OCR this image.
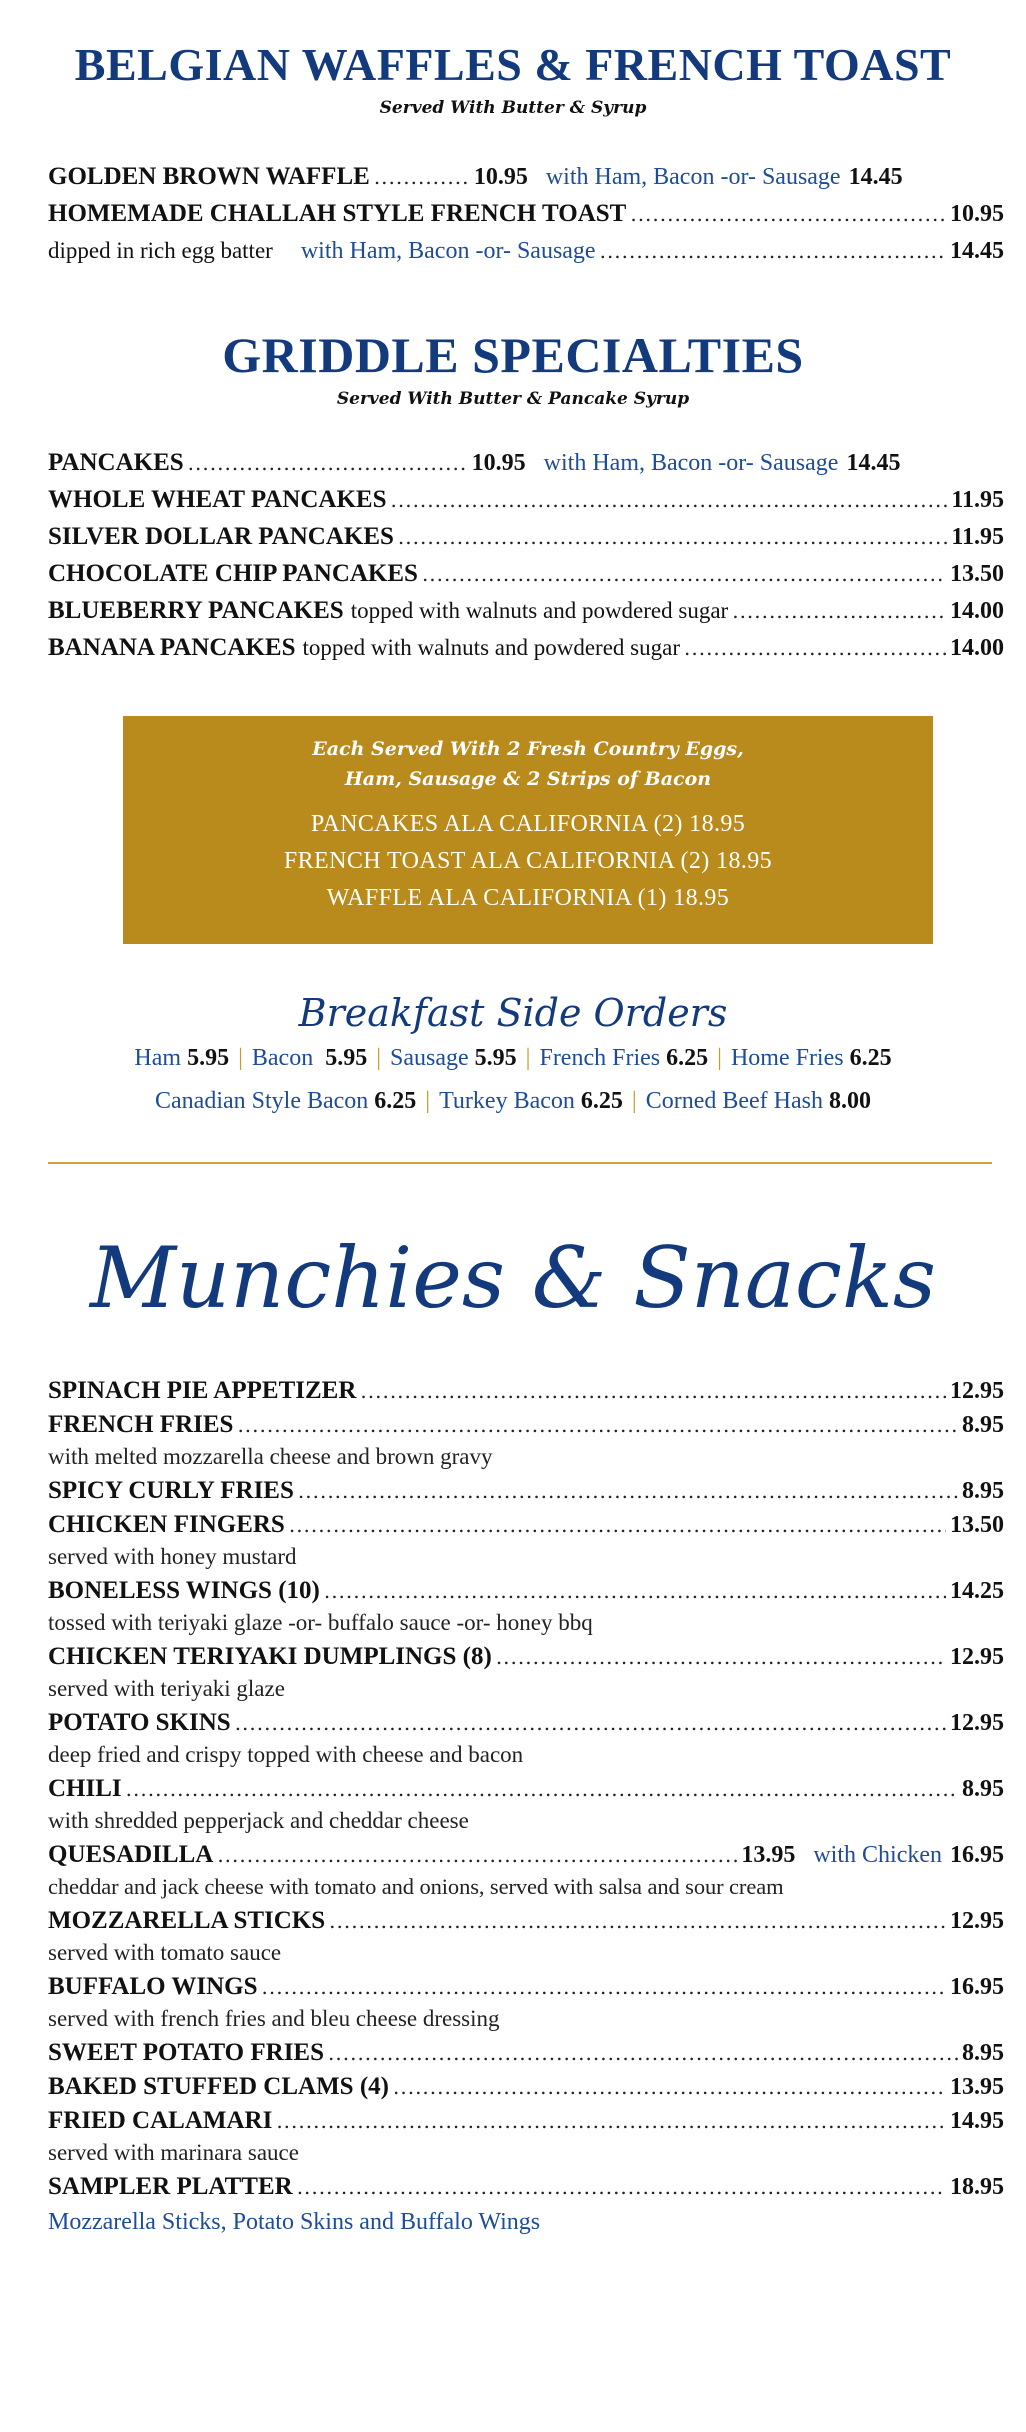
BELGIAN WAFFLES & FRENCH TOAST
Served With Butter & Syrup
GOLDEN BROWN WAFFLE .....	10.95 with Ham, Bacon -or- Sausage 14.45
HOMEMADE CHALLAH STYLE FRENCH TOAST .....	10.95
dipped in rich egg batter with Ham, Bacon -or- Sausage .....	14.45
GRIDDLE SPECIALTIES
Served With Butter & Pancake Syrup
PANCAKES .....	10.95 with Ham, Bacon -or- Sausage 14.45
WHOLE WHEAT PANCAKES .....	11.95
SILVER DOLLAR PANCAKES .....	11.95
CHOCOLATE CHIP PANCAKES .....	13.50
BLUEBERRY PANCAKES topped with walnuts and powdered sugar .....	14.00
BANANA PANCAKES topped with walnuts and powdered sugar .....	14.00
Each Served With 2 Fresh Country Eggs,
Ham, Sausage & 2 Strips of Bacon
PANCAKES ALA CALIFORNIA (2) 18.95
FRENCH TOAST ALA CALIFORNIA (2) 18.95
WAFFLE ALA CALIFORNIA (1) 18.95
Breakfast Side Orders
Ham 5.95 | Bacon 5.95 | Sausage 5.95 | French Fries 6.25 | Home Fries 6.25
Canadian Style Bacon 6.25 | Turkey Bacon 6.25 | Corned Beef Hash 8.00
Munchies & Snacks
SPINACH PIE APPETIZER .....	12.95
FRENCH FRIES .....	8.95
with melted mozzarella cheese and brown gravy
SPICY CURLY FRIES .....	8.95
CHICKEN FINGERS .....	13.50
served with honey mustard
BONELESS WINGS (10) .....	14.25
tossed with teriyaki glaze -or- buffalo sauce -or- honey bbq
CHICKEN TERIYAKI DUMPLINGS (8) .....	12.95
served with teriyaki glaze
POTATO SKINS .....	12.95
deep fried and crispy topped with cheese and bacon
CHILI .....	8.95
with shredded pepperjack and cheddar cheese
QUESADILLA .....	13.95 with Chicken 16.95
cheddar and jack cheese with tomato and onions, served with salsa and sour cream
MOZZARELLA STICKS .....	12.95
served with tomato sauce
BUFFALO WINGS .....	16.95
served with french fries and bleu cheese dressing
SWEET POTATO FRIES .....	8.95
BAKED STUFFED CLAMS (4) .....	13.95
FRIED CALAMARI .....	14.95
served with marinara sauce
SAMPLER PLATTER .....	18.95
Mozzarella Sticks, Potato Skins and Buffalo Wings
